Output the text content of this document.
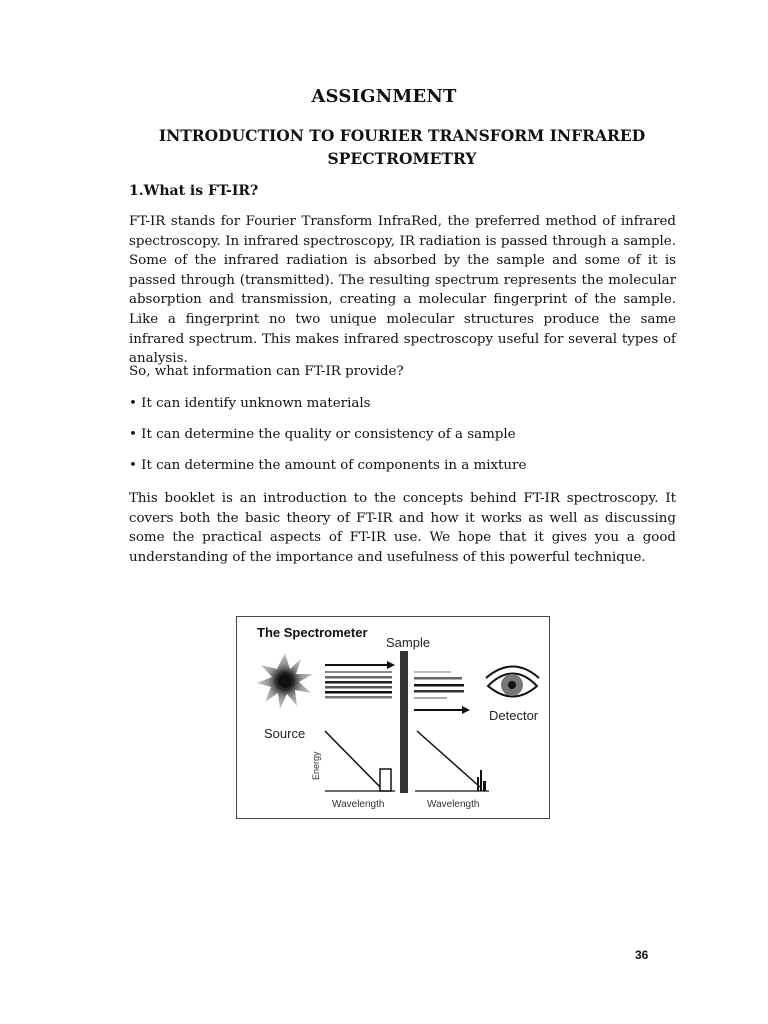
ASSIGNMENT
INTRODUCTION TO FOURIER TRANSFORM INFRARED SPECTROMETRY
1.What is FT-IR?
FT-IR stands for Fourier Transform InfraRed, the preferred method of infrared spectroscopy. In infrared spectroscopy, IR radiation is passed through a sample. Some of the infrared radiation is absorbed by the sample and some of it is passed through (transmitted). The resulting spectrum represents the molecular absorption and transmission, creating a molecular fingerprint of the sample. Like a fingerprint no two unique molecular structures produce the same infrared spectrum. This makes infrared spectroscopy useful for several types of analysis.
So, what information can FT-IR provide?
• It can identify unknown materials
• It can determine the quality or consistency of a sample
• It can determine the amount of components in a mixture
This booklet is an introduction to the concepts behind FT-IR spectroscopy. It covers both the basic theory of FT-IR and how it works as well as discussing some the practical aspects of FT-IR use. We hope that it gives you a good understanding of the importance and usefulness of this powerful technique.
The Spectrometer
Source
Sample
Detector
Energy
Wavelength	Wavelength
36
